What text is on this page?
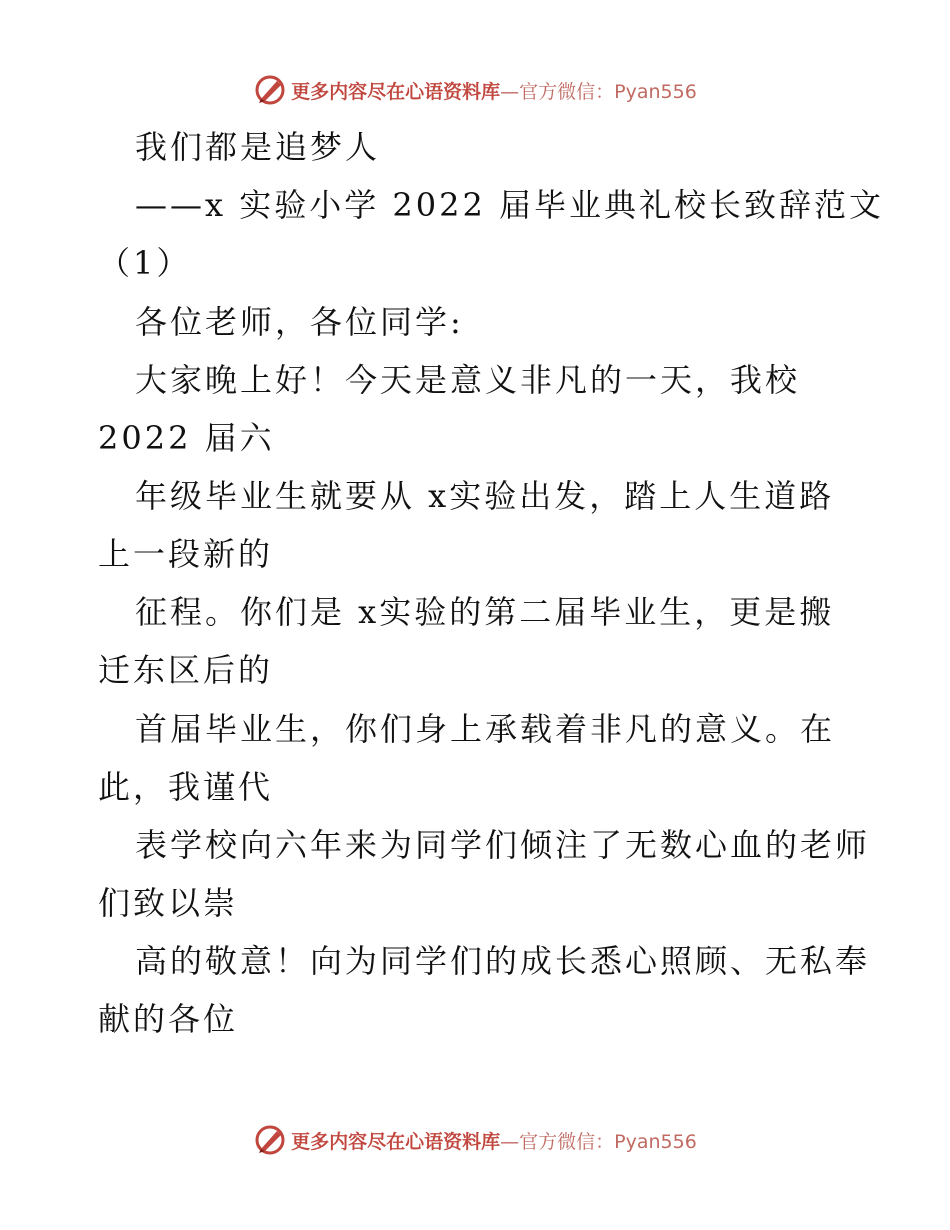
更多内容尽在心语资料库 —官方微信：Pyan556
我们都是追梦人
——x 实验小学 2022 届毕业典礼校长致辞范文
（1）
各位老师，各位同学:
大家晚上好！今天是意义非凡的一天，我校
2022 届六
年级毕业生就要从 x实验出发，踏上人生道路
上一段新的
征程。你们是 x实验的第二届毕业生，更是搬
迁东区后的
首届毕业生，你们身上承载着非凡的意义。在
此，我谨代
表学校向六年来为同学们倾注了无数心血的老师
们致以崇
高的敬意！向为同学们的成长悉心照顾、无私奉
献的各位
更多内容尽在心语资料库 —官方微信：Pyan556
